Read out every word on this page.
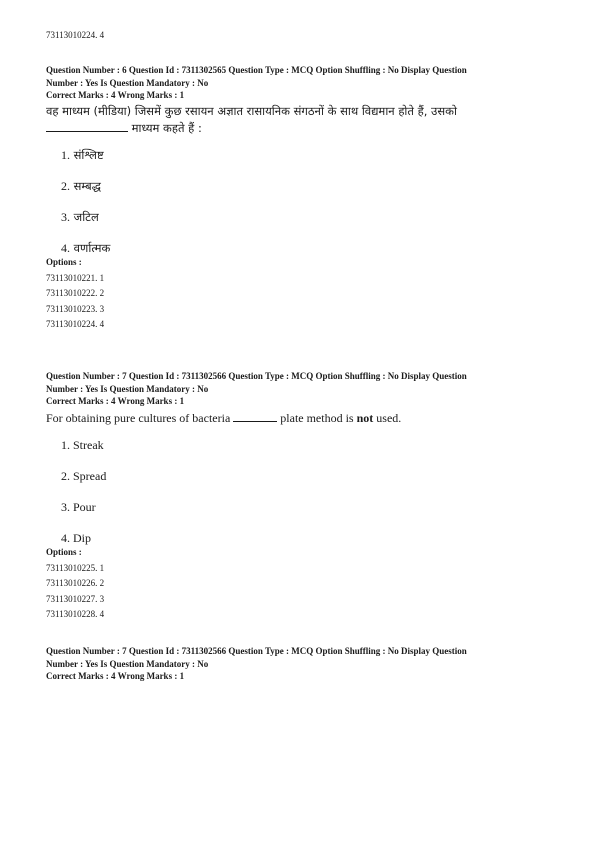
73113010224. 4
Question Number : 6 Question Id : 7311302565 Question Type : MCQ Option Shuffling : No Display Question
Number : Yes Is Question Mandatory : No
Correct Marks : 4 Wrong Marks : 1
वह माध्यम (मीडिया) जिसमें कुछ रसायन अज्ञात रासायनिक संगठनों के साथ विद्यमान होते हैं, उसको
माध्यम कहते हैं :
1. संश्लिष्ट
2. सम्बद्ध
3. जटिल
4. वर्णात्मक
Options :
73113010221. 1
73113010222. 2
73113010223. 3
73113010224. 4
Question Number : 7 Question Id : 7311302566 Question Type : MCQ Option Shuffling : No Display Question
Number : Yes Is Question Mandatory : No
Correct Marks : 4 Wrong Marks : 1
For obtaining pure cultures of bacteria	plate method is not used.
1. Streak
2. Spread
3. Pour
4. Dip
Options :
73113010225. 1
73113010226. 2
73113010227. 3
73113010228. 4
Question Number : 7 Question Id : 7311302566 Question Type : MCQ Option Shuffling : No Display Question
Number : Yes Is Question Mandatory : No
Correct Marks : 4 Wrong Marks : 1
